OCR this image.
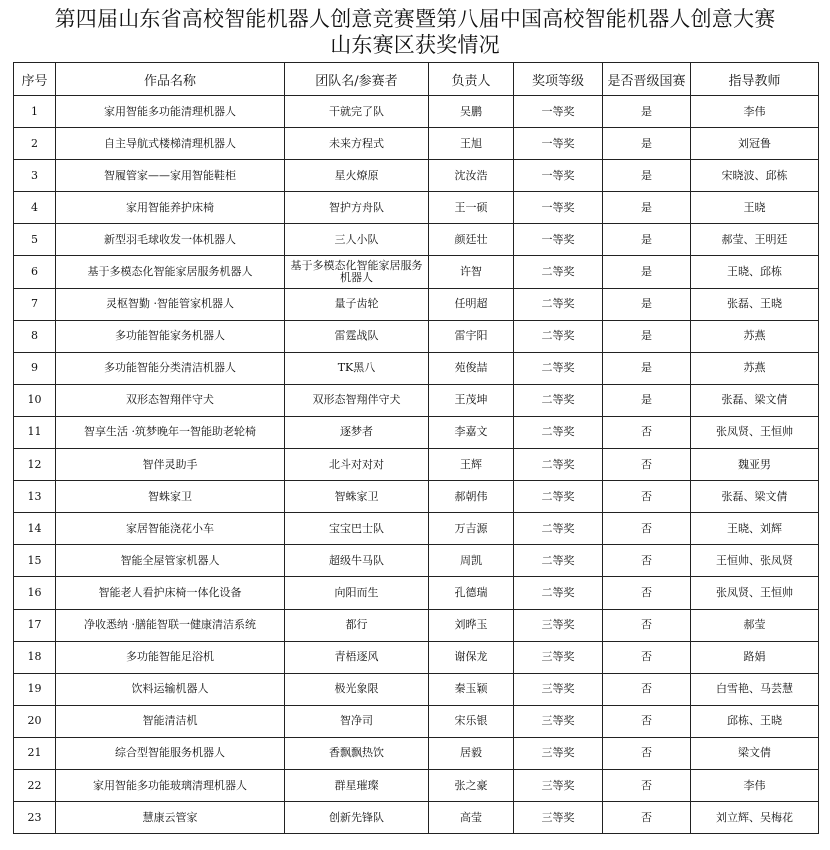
第四届山东省高校智能机器人创意竞赛暨第八届中国高校智能机器人创意大赛
山东赛区获奖情况
序号	作品名称	团队名/参赛者	负责人	奖项等级	是否晋级国赛	指导教师
1	家用智能多功能清理机器人	干就完了队	吴鹏	一等奖	是	李伟
2	自主导航式楼梯清理机器人	未来方程式	王旭	一等奖	是	刘冠鲁
3	智履管家——家用智能鞋柜	星火燎原	沈汝浩	一等奖	是	宋晓波、邱栋
4	家用智能养护床椅	智护方舟队	王一硕	一等奖	是	王晓
5	新型羽毛球收发一体机器人	三人小队	颜廷壮	一等奖	是	郝莹、王明廷
6	基于多模态化智能家居服务机器人	基于多模态化智能家居服务机器人	许智	二等奖	是	王晓、邱栋
7	灵枢智勤 ·智能管家机器人	量子齿轮	任明超	二等奖	是	张磊、王晓
8	多功能智能家务机器人	雷霆战队	雷宇阳	二等奖	是	苏燕
9	多功能智能分类清洁机器人	TK黑八	苑俊喆	二等奖	是	苏燕
10	双形态智翔伴守犬	双形态智翔伴守犬	王茂坤	二等奖	是	张磊、梁文倩
11	智享生活 ·筑梦晚年一智能助老轮椅	逐梦者	李嘉文	二等奖	否	张凤贤、王恒帅
12	智伴灵助手	北斗对对对	王辉	二等奖	否	魏亚男
13	智蛛家卫	智蛛家卫	郝朝伟	二等奖	否	张磊、梁文倩
14	家居智能浇花小车	宝宝巴士队	万吉源	二等奖	否	王晓、刘辉
15	智能全屋管家机器人	超级牛马队	周凯	二等奖	否	王恒帅、张凤贤
16	智能老人看护床椅一体化设备	向阳而生	孔德瑞	二等奖	否	张凤贤、王恒帅
17	净收悉纳 ·膳能智联一健康清洁系统	都行	刘晔玉	三等奖	否	郝莹
18	多功能智能足浴机	青梧逐风	谢保龙	三等奖	否	路娟
19	饮料运输机器人	极光象限	秦玉颖	三等奖	否	白雪艳、马芸慧
20	智能清洁机	智净司	宋乐银	三等奖	否	邱栋、王晓
21	综合型智能服务机器人	香飘飘热饮	居毅	三等奖	否	梁文倩
22	家用智能多功能玻璃清理机器人	群星璀璨	张之豪	三等奖	否	李伟
23	慧康云管家	创新先锋队	高莹	三等奖	否	刘立辉、吴梅花
